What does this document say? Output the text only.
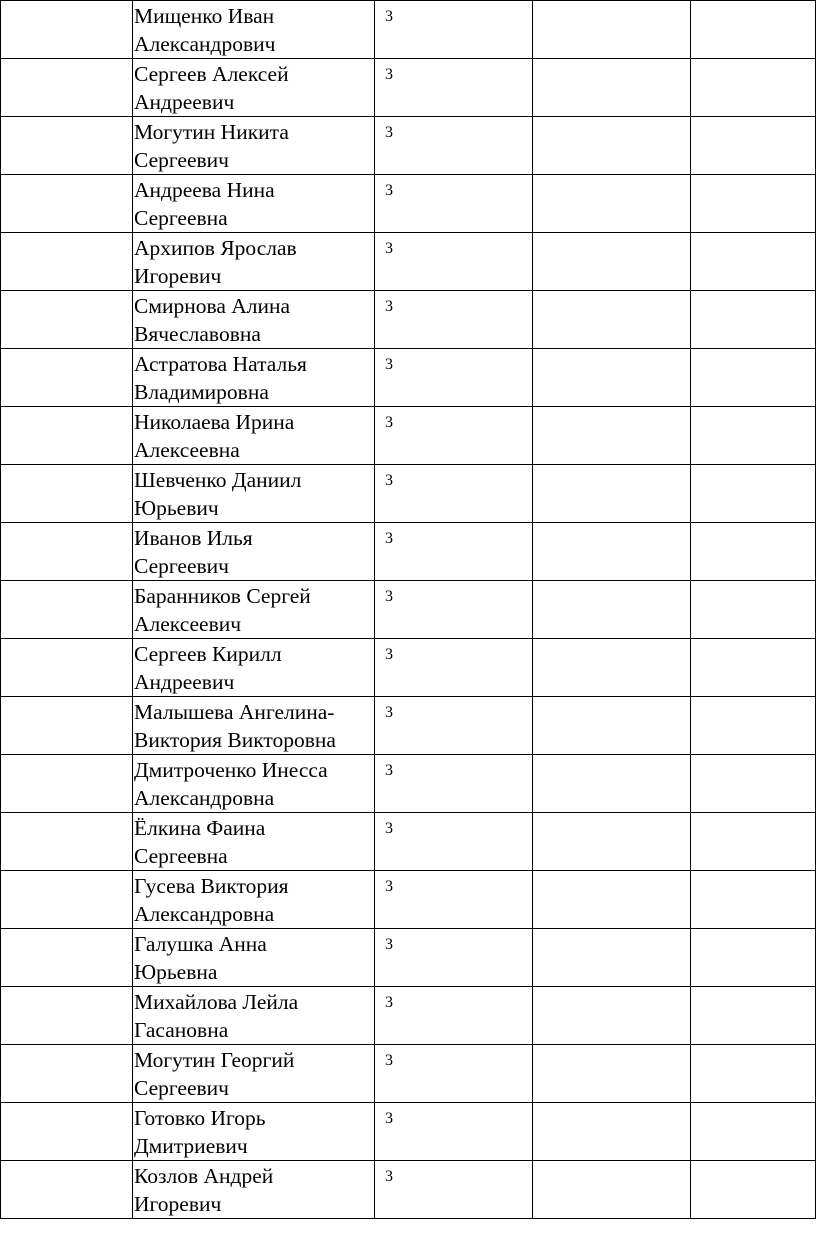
	Мищенко Иван
Александрович	3		

	Сергеев Алексей
Андреевич	3		

	Могутин Никита
Сергеевич	3		

	Андреева Нина
Сергеевна	3		

	Архипов Ярослав
Игоревич	3		

	Смирнова Алина
Вячеславовна	3		

	Астратова Наталья
Владимировна	3		

	Николаева Ирина
Алексеевна	3		

	Шевченко Даниил
Юрьевич	3		

	Иванов Илья
Сергеевич	3		

	Баранников Сергей
Алексеевич	3		

	Сергеев Кирилл
Андреевич	3		

	Малышева Ангелина-
Виктория Викторовна	3		

	Дмитроченко Инесса
Александровна	3		

	Ёлкина Фаина
Сергеевна	3		

	Гусева Виктория
Александровна	3		

	Галушка Анна
Юрьевна	3		

	Михайлова Лейла
Гасановна	3		

	Могутин Георгий
Сергеевич	3		

	Готовко Игорь
Дмитриевич	3		

	Козлов Андрей
Игоревич	3		
